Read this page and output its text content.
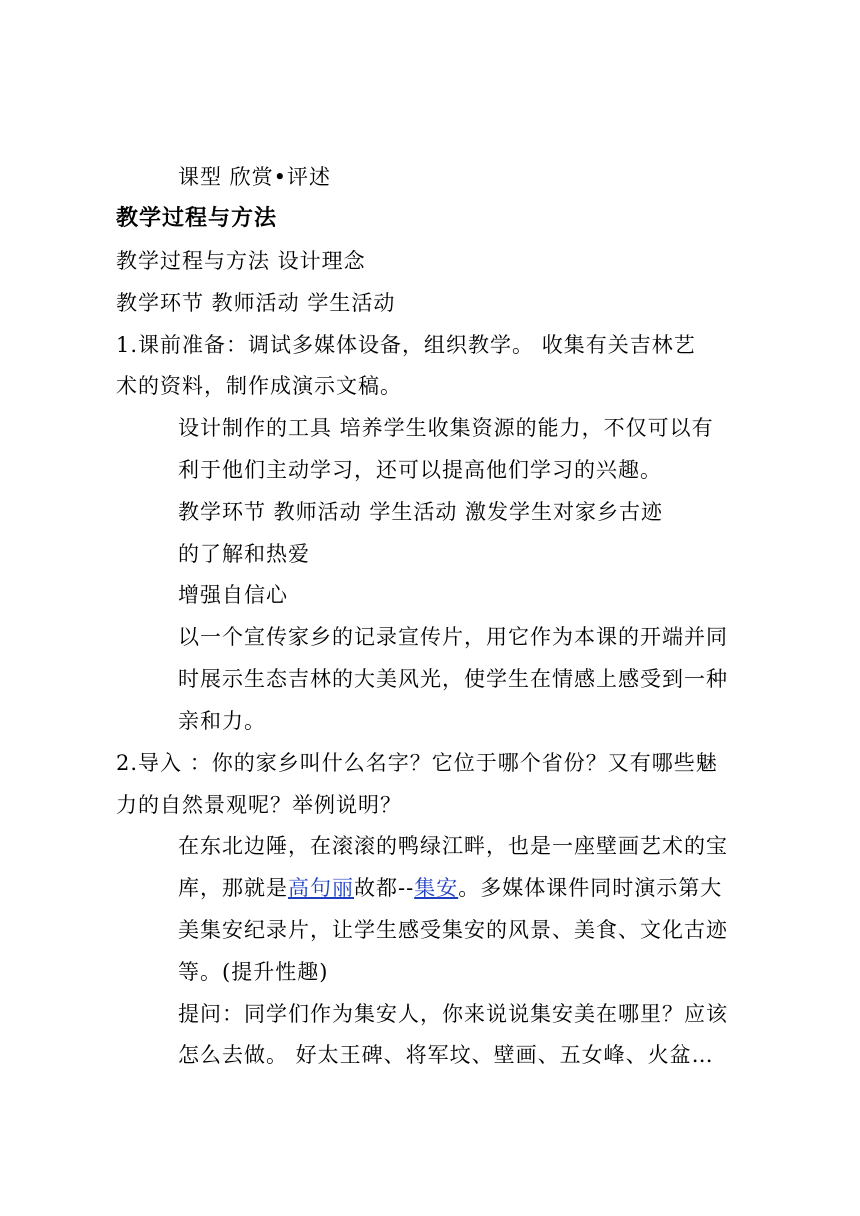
课型 欣赏•评述
教学过程与方法
教学过程与方法 设计理念
教学环节 教师活动 学生活动
1.课前准备：调试多媒体设备，组织教学。 收集有关吉林艺
术的资料，制作成演示文稿。
设计制作的工具 培养学生收集资源的能力，不仅可以有
利于他们主动学习，还可以提高他们学习的兴趣。
教学环节 教师活动 学生活动 激发学生对家乡古迹
的了解和热爱
增强自信心
以一个宣传家乡的记录宣传片，用它作为本课的开端并同
时展示生态吉林的大美风光，使学生在情感上感受到一种
亲和力。
2.导入 ：你的家乡叫什么名字？它位于哪个省份？又有哪些魅
力的自然景观呢？举例说明？
在东北边陲，在滚滚的鸭绿江畔，也是一座壁画艺术的宝
库，那就是高句丽故都--集安。多媒体课件同时演示第大
美集安纪录片，让学生感受集安的风景、美食、文化古迹
等。(提升性趣)
提问：同学们作为集安人，你来说说集安美在哪里？应该
怎么去做。 好太王碑、将军坟、壁画、五女峰、火盆…
